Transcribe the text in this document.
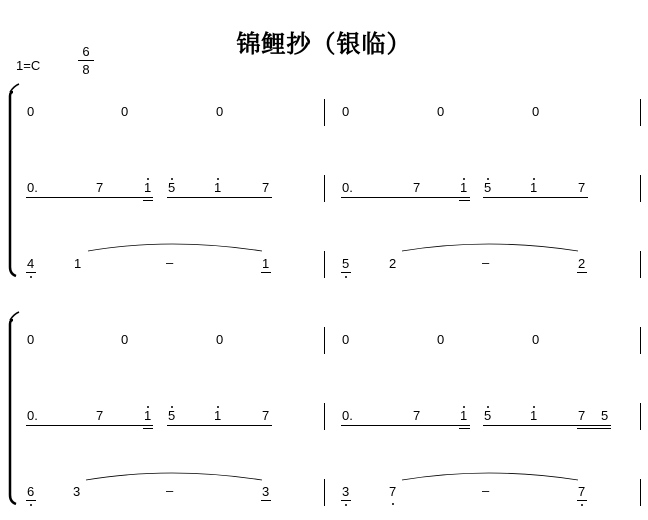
锦鲤抄（银临）
1=C
6
8
0	0	0	0	0	0
0.	7	1 5	1	7	0.	7	1 5	1	7
4	1	–	1	5	2	–	2
0	0	0	0	0	0
0.	7	1 5	1	7	0.	7	1 5	1	7 5
6	3	–	3	3	7	–	7
